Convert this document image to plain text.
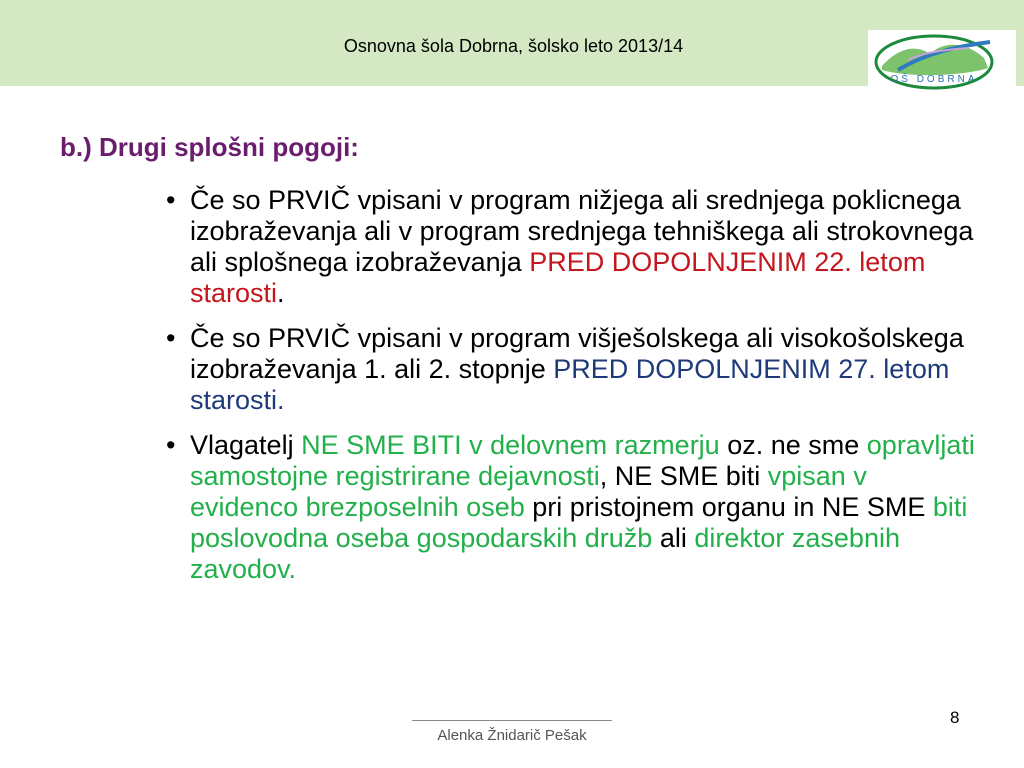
Osnovna šola Dobrna, šolsko leto 2013/14
OŠ DOBRNA
b.) Drugi splošni pogoji:
• Če so PRVIČ vpisani v program nižjega ali srednjega poklicnega izobraževanja ali v program srednjega tehniškega ali strokovnega ali splošnega izobraževanja PRED DOPOLNJENIM 22. letom starosti.
• Če so PRVIČ vpisani v program višješolskega ali visokošolskega izobraževanja 1. ali 2. stopnje PRED DOPOLNJENIM 27. letom starosti.
• Vlagatelj NE SME BITI v delovnem razmerju oz. ne sme opravljati samostojne registrirane dejavnosti, NE SME biti vpisan v evidenco brezposelnih oseb pri pristojnem organu in NE SME biti poslovodna oseba gospodarskih družb ali direktor zasebnih zavodov.
Alenka Žnidarič Pešak
8
